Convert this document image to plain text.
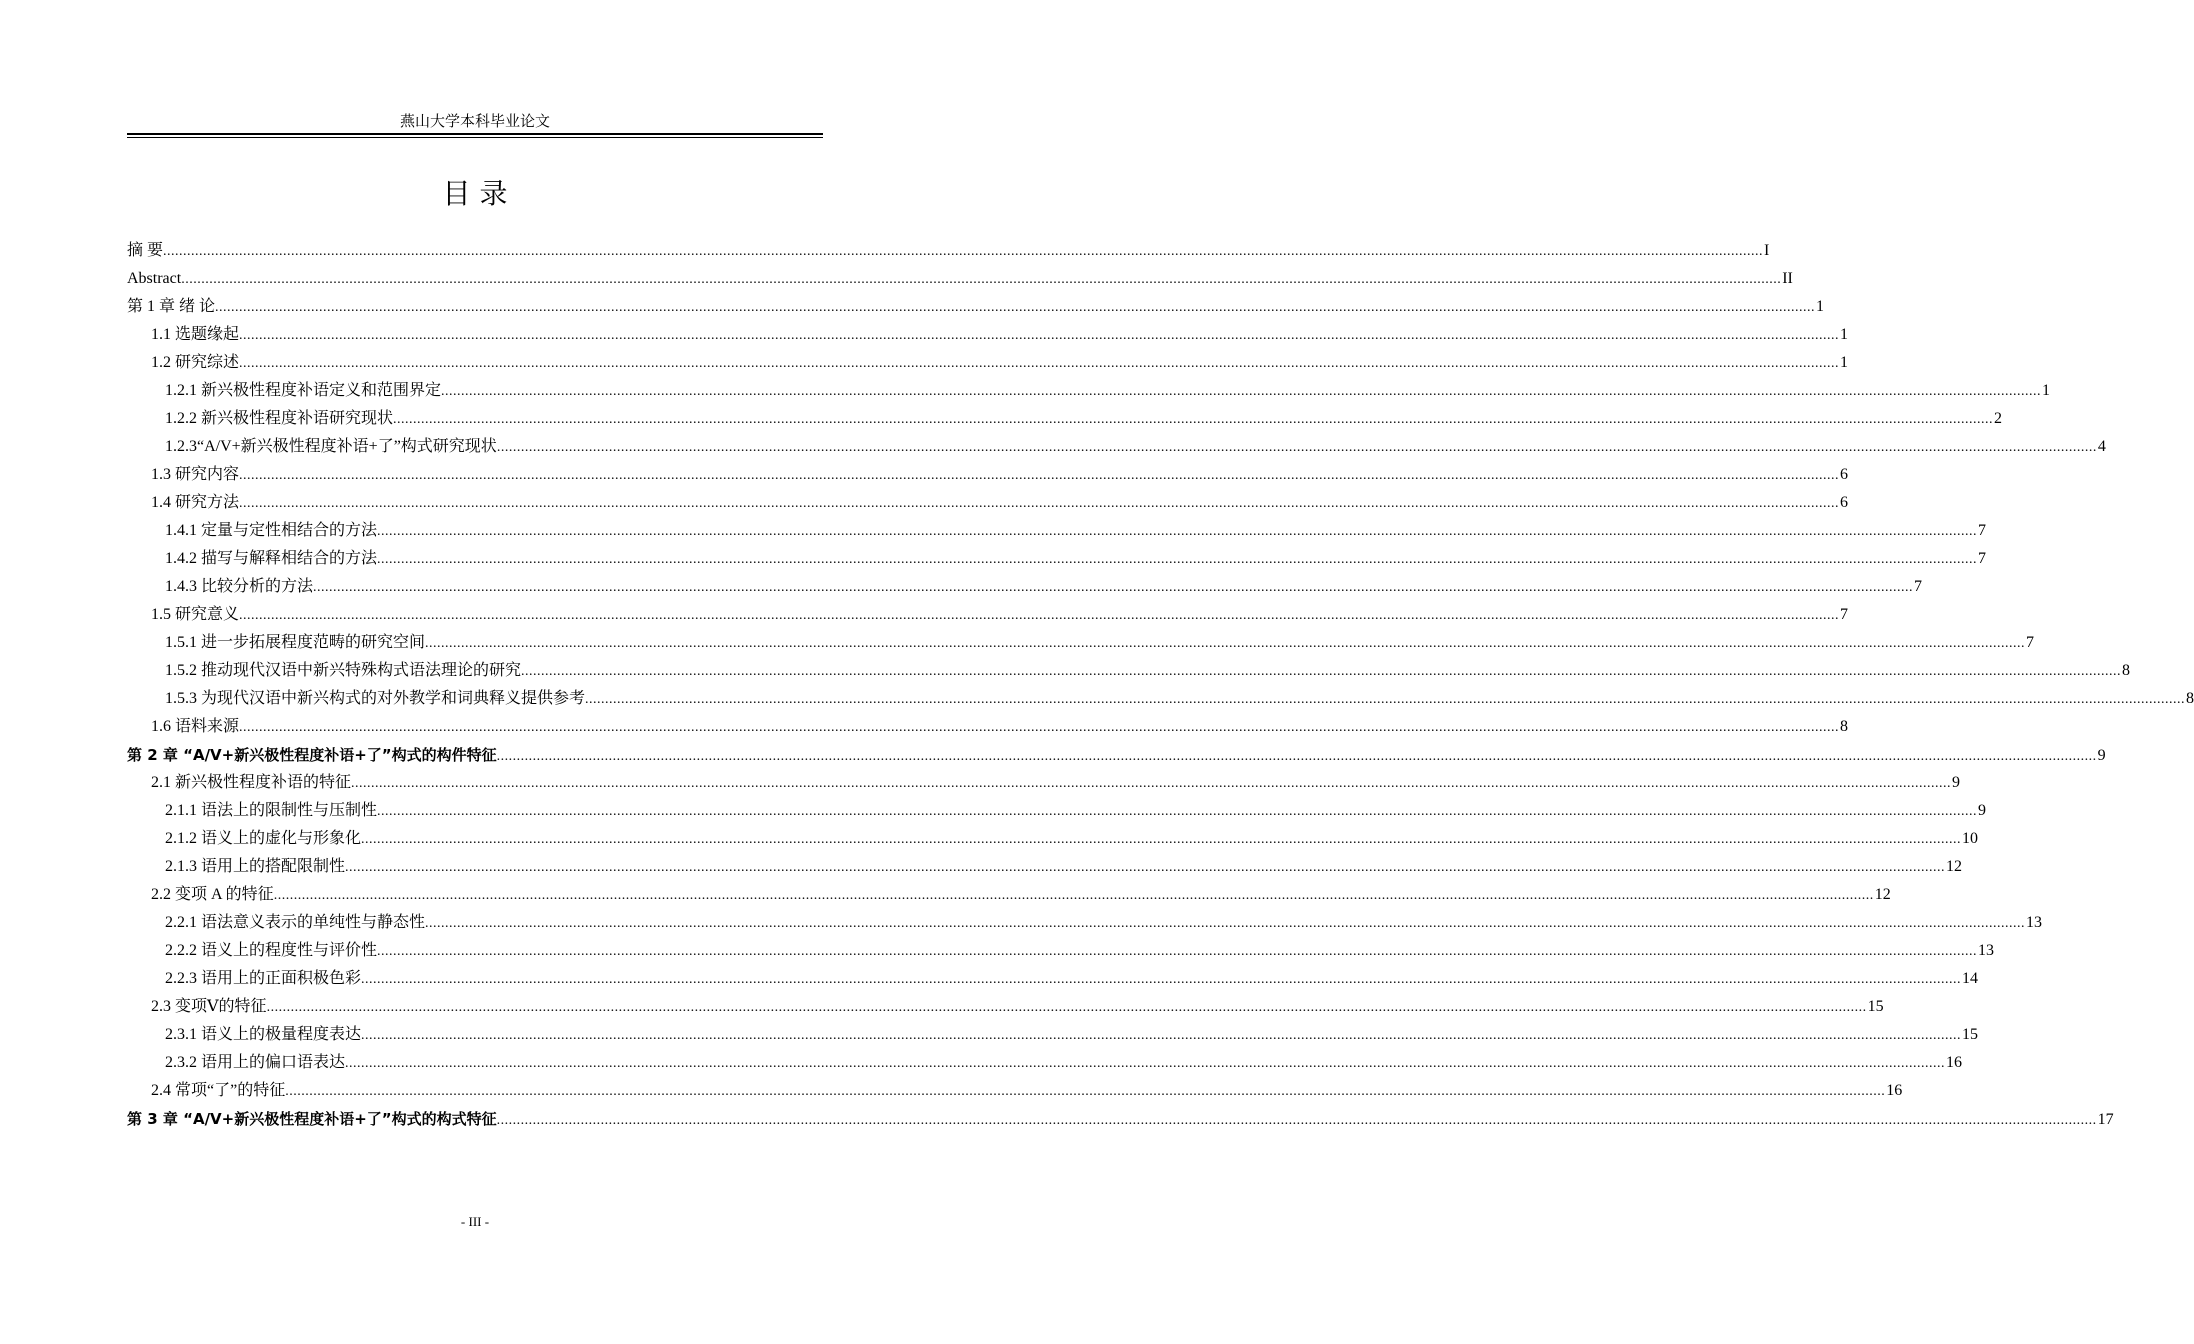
燕山大学本科毕业论文
目 录
摘 要 ................................................................................................................................................................................................................................................................................................................................................................................................................ I
Abstract ................................................................................................................................................................................................................................................................................................................................................................................................................ II
第 1 章 绪 论 ................................................................................................................................................................................................................................................................................................................................................................................................................ 1
1.1 选题缘起 ................................................................................................................................................................................................................................................................................................................................................................................................................ 1
1.2 研究综述 ................................................................................................................................................................................................................................................................................................................................................................................................................ 1
1.2.1 新兴极性程度补语定义和范围界定 ................................................................................................................................................................................................................................................................................................................................................................................................................ 1
1.2.2 新兴极性程度补语研究现状 ................................................................................................................................................................................................................................................................................................................................................................................................................ 2
1.2.3“A/V+新兴极性程度补语+了”构式研究现状 ................................................................................................................................................................................................................................................................................................................................................................................................................ 4
1.3 研究内容 ................................................................................................................................................................................................................................................................................................................................................................................................................ 6
1.4 研究方法 ................................................................................................................................................................................................................................................................................................................................................................................................................ 6
1.4.1 定量与定性相结合的方法 ................................................................................................................................................................................................................................................................................................................................................................................................................ 7
1.4.2 描写与解释相结合的方法 ................................................................................................................................................................................................................................................................................................................................................................................................................ 7
1.4.3 比较分析的方法 ................................................................................................................................................................................................................................................................................................................................................................................................................ 7
1.5 研究意义 ................................................................................................................................................................................................................................................................................................................................................................................................................ 7
1.5.1 进一步拓展程度范畴的研究空间 ................................................................................................................................................................................................................................................................................................................................................................................................................ 7
1.5.2 推动现代汉语中新兴特殊构式语法理论的研究 ................................................................................................................................................................................................................................................................................................................................................................................................................ 8
1.5.3 为现代汉语中新兴构式的对外教学和词典释义提供参考 ................................................................................................................................................................................................................................................................................................................................................................................................................ 8
1.6 语料来源 ................................................................................................................................................................................................................................................................................................................................................................................................................ 8
第 2 章 “A/V+新兴极性程度补语+了”构式的构件特征 ................................................................................................................................................................................................................................................................................................................................................................................................................ 9
2.1 新兴极性程度补语的特征 ................................................................................................................................................................................................................................................................................................................................................................................................................ 9
2.1.1 语法上的限制性与压制性 ................................................................................................................................................................................................................................................................................................................................................................................................................ 9
2.1.2 语义上的虚化与形象化 ................................................................................................................................................................................................................................................................................................................................................................................................................ 10
2.1.3 语用上的搭配限制性 ................................................................................................................................................................................................................................................................................................................................................................................................................ 12
2.2 变项 A 的特征 ................................................................................................................................................................................................................................................................................................................................................................................................................ 12
2.2.1 语法意义表示的单纯性与静态性 ................................................................................................................................................................................................................................................................................................................................................................................................................ 13
2.2.2 语义上的程度性与评价性 ................................................................................................................................................................................................................................................................................................................................................................................................................ 13
2.2.3 语用上的正面积极色彩 ................................................................................................................................................................................................................................................................................................................................................................................................................ 14
2.3 变项Ⅴ的特征 ................................................................................................................................................................................................................................................................................................................................................................................................................ 15
2.3.1 语义上的极量程度表达 ................................................................................................................................................................................................................................................................................................................................................................................................................ 15
2.3.2 语用上的偏口语表达 ................................................................................................................................................................................................................................................................................................................................................................................................................ 16
2.4 常项“了”的特征 ................................................................................................................................................................................................................................................................................................................................................................................................................ 16
第 3 章 “A/V+新兴极性程度补语+了”构式的构式特征 ................................................................................................................................................................................................................................................................................................................................................................................................................ 17
- III -
